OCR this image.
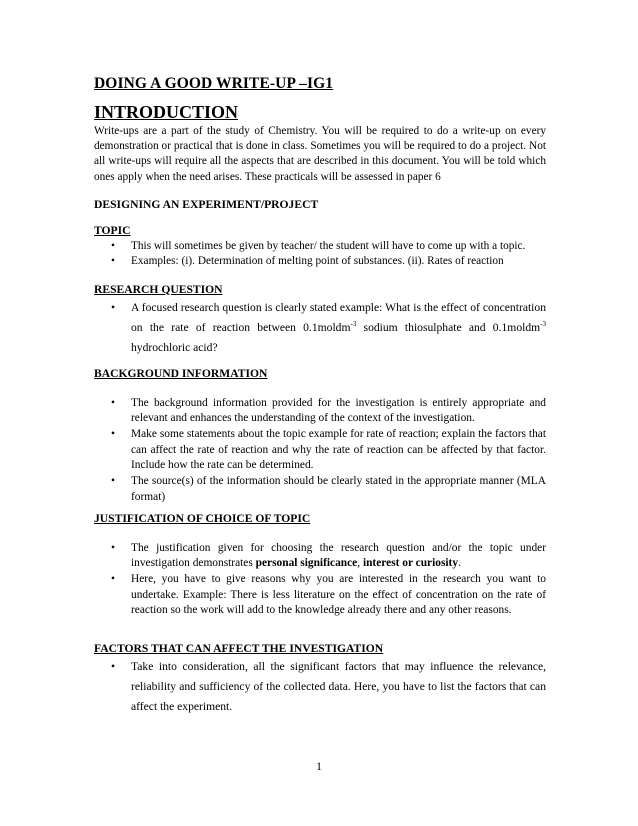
DOING A GOOD WRITE-UP –IG1
INTRODUCTION

Write-ups are a part of the study of Chemistry. You will be required to do a write-up on every demonstration or practical that is done in class. Sometimes you will be required to do a project. Not all write-ups will require all the aspects that are described in this document. You will be told which ones apply when the need arises. These practicals will be assessed in paper 6

DESIGNING AN EXPERIMENT/PROJECT
TOPIC
• This will sometimes be given by teacher/ the student will have to come up with a topic.
• Examples: (i). Determination of melting point of substances. (ii). Rates of reaction
RESEARCH QUESTION
• A focused research question is clearly stated example: What is the effect of concentration on the rate of reaction between 0.1moldm$^{-3}$ sodium thiosulphate and 0.1moldm$^{-3}$ hydrochloric acid?
BACKGROUND INFORMATION
• The background information provided for the investigation is entirely appropriate and relevant and enhances the understanding of the context of the investigation.
• Make some statements about the topic example for rate of reaction; explain the factors that can affect the rate of reaction and why the rate of reaction can be affected by that factor. Include how the rate can be determined.
• The source(s) of the information should be clearly stated in the appropriate manner (MLA format)
JUSTIFICATION OF CHOICE OF TOPIC
• The justification given for choosing the research question and/or the topic under investigation demonstrates personal significance, interest or curiosity.
• Here, you have to give reasons why you are interested in the research you want to undertake. Example: There is less literature on the effect of concentration on the rate of reaction so the work will add to the knowledge already there and any other reasons.
FACTORS THAT CAN AFFECT THE INVESTIGATION
• Take into consideration, all the significant factors that may influence the relevance, reliability and sufficiency of the collected data. Here, you have to list the factors that can affect the experiment.
1
